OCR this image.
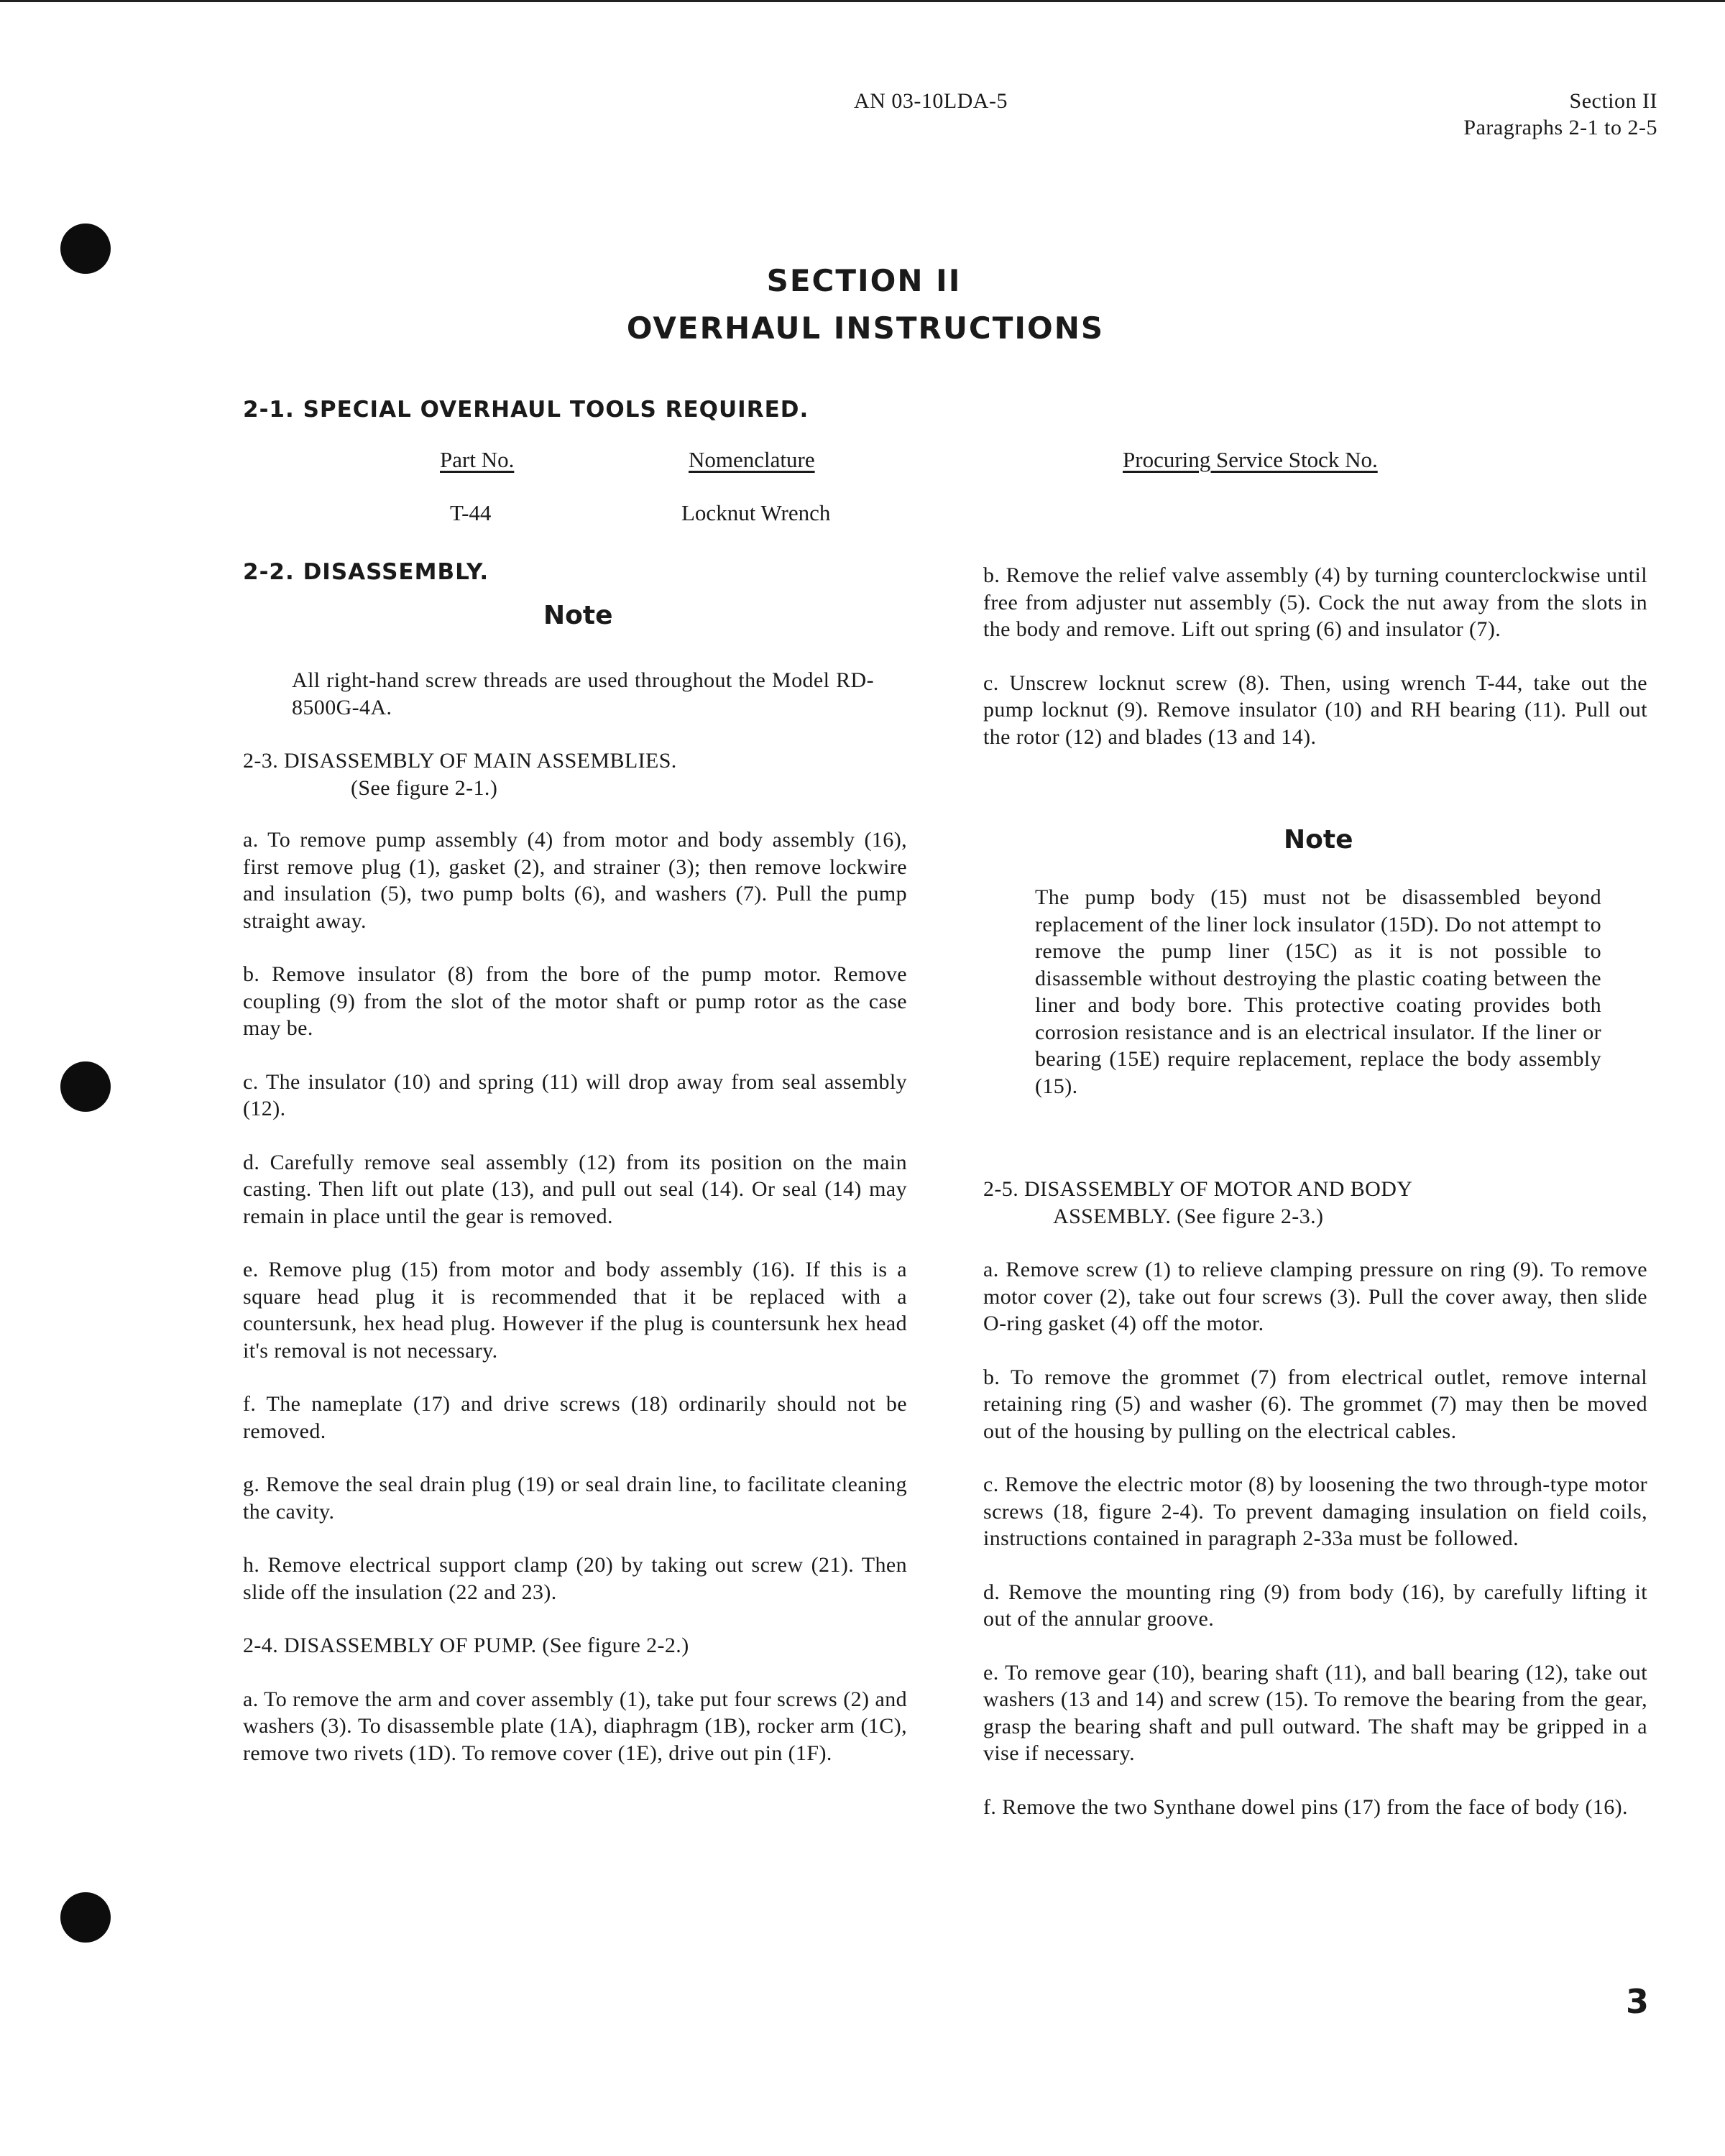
AN 03-10LDA-5	Section II
Paragraphs 2-1 to 2-5
SECTION II
OVERHAUL INSTRUCTIONS
2-1. SPECIAL OVERHAUL TOOLS REQUIRED.
Part No.	Nomenclature	Procuring Service Stock No.
T-44	Locknut Wrench
2-2. DISASSEMBLY.
Note

All right-hand screw threads are used throughout the Model RD-8500G-4A.

2-3. DISASSEMBLY OF MAIN ASSEMBLIES.
(See figure 2-1.)

a. To remove pump assembly (4) from motor and body assembly (16), first remove plug (1), gasket (2), and strainer (3); then remove lockwire and insulation (5), two pump bolts (6), and washers (7). Pull the pump straight away.

b. Remove insulator (8) from the bore of the pump motor. Remove coupling (9) from the slot of the motor shaft or pump rotor as the case may be.

c. The insulator (10) and spring (11) will drop away from seal assembly (12).

d. Carefully remove seal assembly (12) from its position on the main casting. Then lift out plate (13), and pull out seal (14). Or seal (14) may remain in place until the gear is removed.

e. Remove plug (15) from motor and body assembly (16). If this is a square head plug it is recommended that it be replaced with a countersunk, hex head plug. However if the plug is countersunk hex head it's removal is not necessary.

f. The nameplate (17) and drive screws (18) ordinarily should not be removed.

g. Remove the seal drain plug (19) or seal drain line, to facilitate cleaning the cavity.

h. Remove electrical support clamp (20) by taking out screw (21). Then slide off the insulation (22 and 23).

2-4. DISASSEMBLY OF PUMP. (See figure 2-2.)

a. To remove the arm and cover assembly (1), take put four screws (2) and washers (3). To disassemble plate (1A), diaphragm (1B), rocker arm (1C), remove two rivets (1D). To remove cover (1E), drive out pin (1F).

b. Remove the relief valve assembly (4) by turning counterclockwise until free from adjuster nut assembly (5). Cock the nut away from the slots in the body and remove. Lift out spring (6) and insulator (7).

c. Unscrew locknut screw (8). Then, using wrench T-44, take out the pump locknut (9). Remove insulator (10) and RH bearing (11). Pull out the rotor (12) and blades (13 and 14).

Note

The pump body (15) must not be disassembled beyond replacement of the liner lock insulator (15D). Do not attempt to remove the pump liner (15C) as it is not possible to disassemble without destroying the plastic coating between the liner and body bore. This protective coating provides both corrosion resistance and is an electrical insulator. If the liner or bearing (15E) require replacement, replace the body assembly (15).

2-5. DISASSEMBLY OF MOTOR AND BODY
ASSEMBLY. (See figure 2-3.)

a. Remove screw (1) to relieve clamping pressure on ring (9). To remove motor cover (2), take out four screws (3). Pull the cover away, then slide O-ring gasket (4) off the motor.

b. To remove the grommet (7) from electrical outlet, remove internal retaining ring (5) and washer (6). The grommet (7) may then be moved out of the housing by pulling on the electrical cables.

c. Remove the electric motor (8) by loosening the two through-type motor screws (18, figure 2-4). To prevent damaging insulation on field coils, instructions contained in paragraph 2-33a must be followed.

d. Remove the mounting ring (9) from body (16), by carefully lifting it out of the annular groove.

e. To remove gear (10), bearing shaft (11), and ball bearing (12), take out washers (13 and 14) and screw (15). To remove the bearing from the gear, grasp the bearing shaft and pull outward. The shaft may be gripped in a vise if necessary.

f. Remove the two Synthane dowel pins (17) from the face of body (16).

3
